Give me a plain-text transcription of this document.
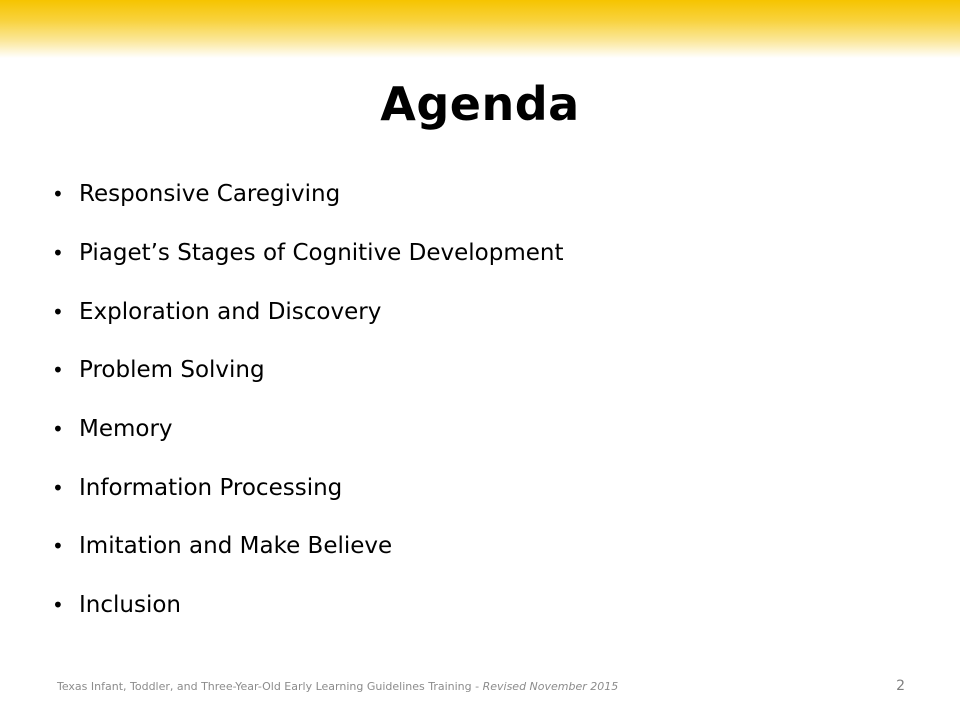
Agenda
• Responsive Caregiving
• Piaget’s Stages of Cognitive Development
• Exploration and Discovery
• Problem Solving
• Memory
• Information Processing
• Imitation and Make Believe
• Inclusion
Texas Infant, Toddler, and Three-Year-Old Early Learning Guidelines Training - Revised November 2015	2
